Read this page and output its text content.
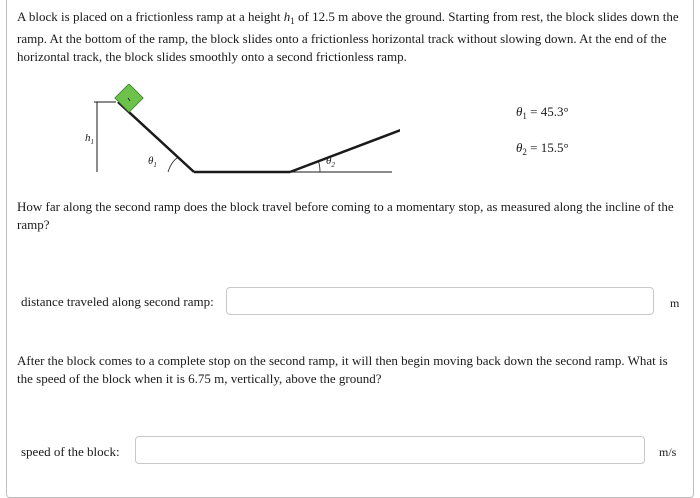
A block is placed on a frictionless ramp at a height $h_1$ of 12.5 m above the ground. Starting from rest, the block slides down the ramp. At the bottom of the ramp, the block slides onto a frictionless horizontal track without slowing down. At the end of the horizontal track, the block slides smoothly onto a second frictionless ramp.

$h_1$
$\theta_1$	$\theta_2$
$\theta_1 = 45.3^\circ$
$\theta_2 = 15.5^\circ$

How far along the second ramp does the block travel before coming to a momentary stop, as measured along the incline of the ramp?

distance traveled along second ramp:	m

After the block comes to a complete stop on the second ramp, it will then begin moving back down the second ramp. What is the speed of the block when it is 6.75 m, vertically, above the ground?

speed of the block:	m/s
